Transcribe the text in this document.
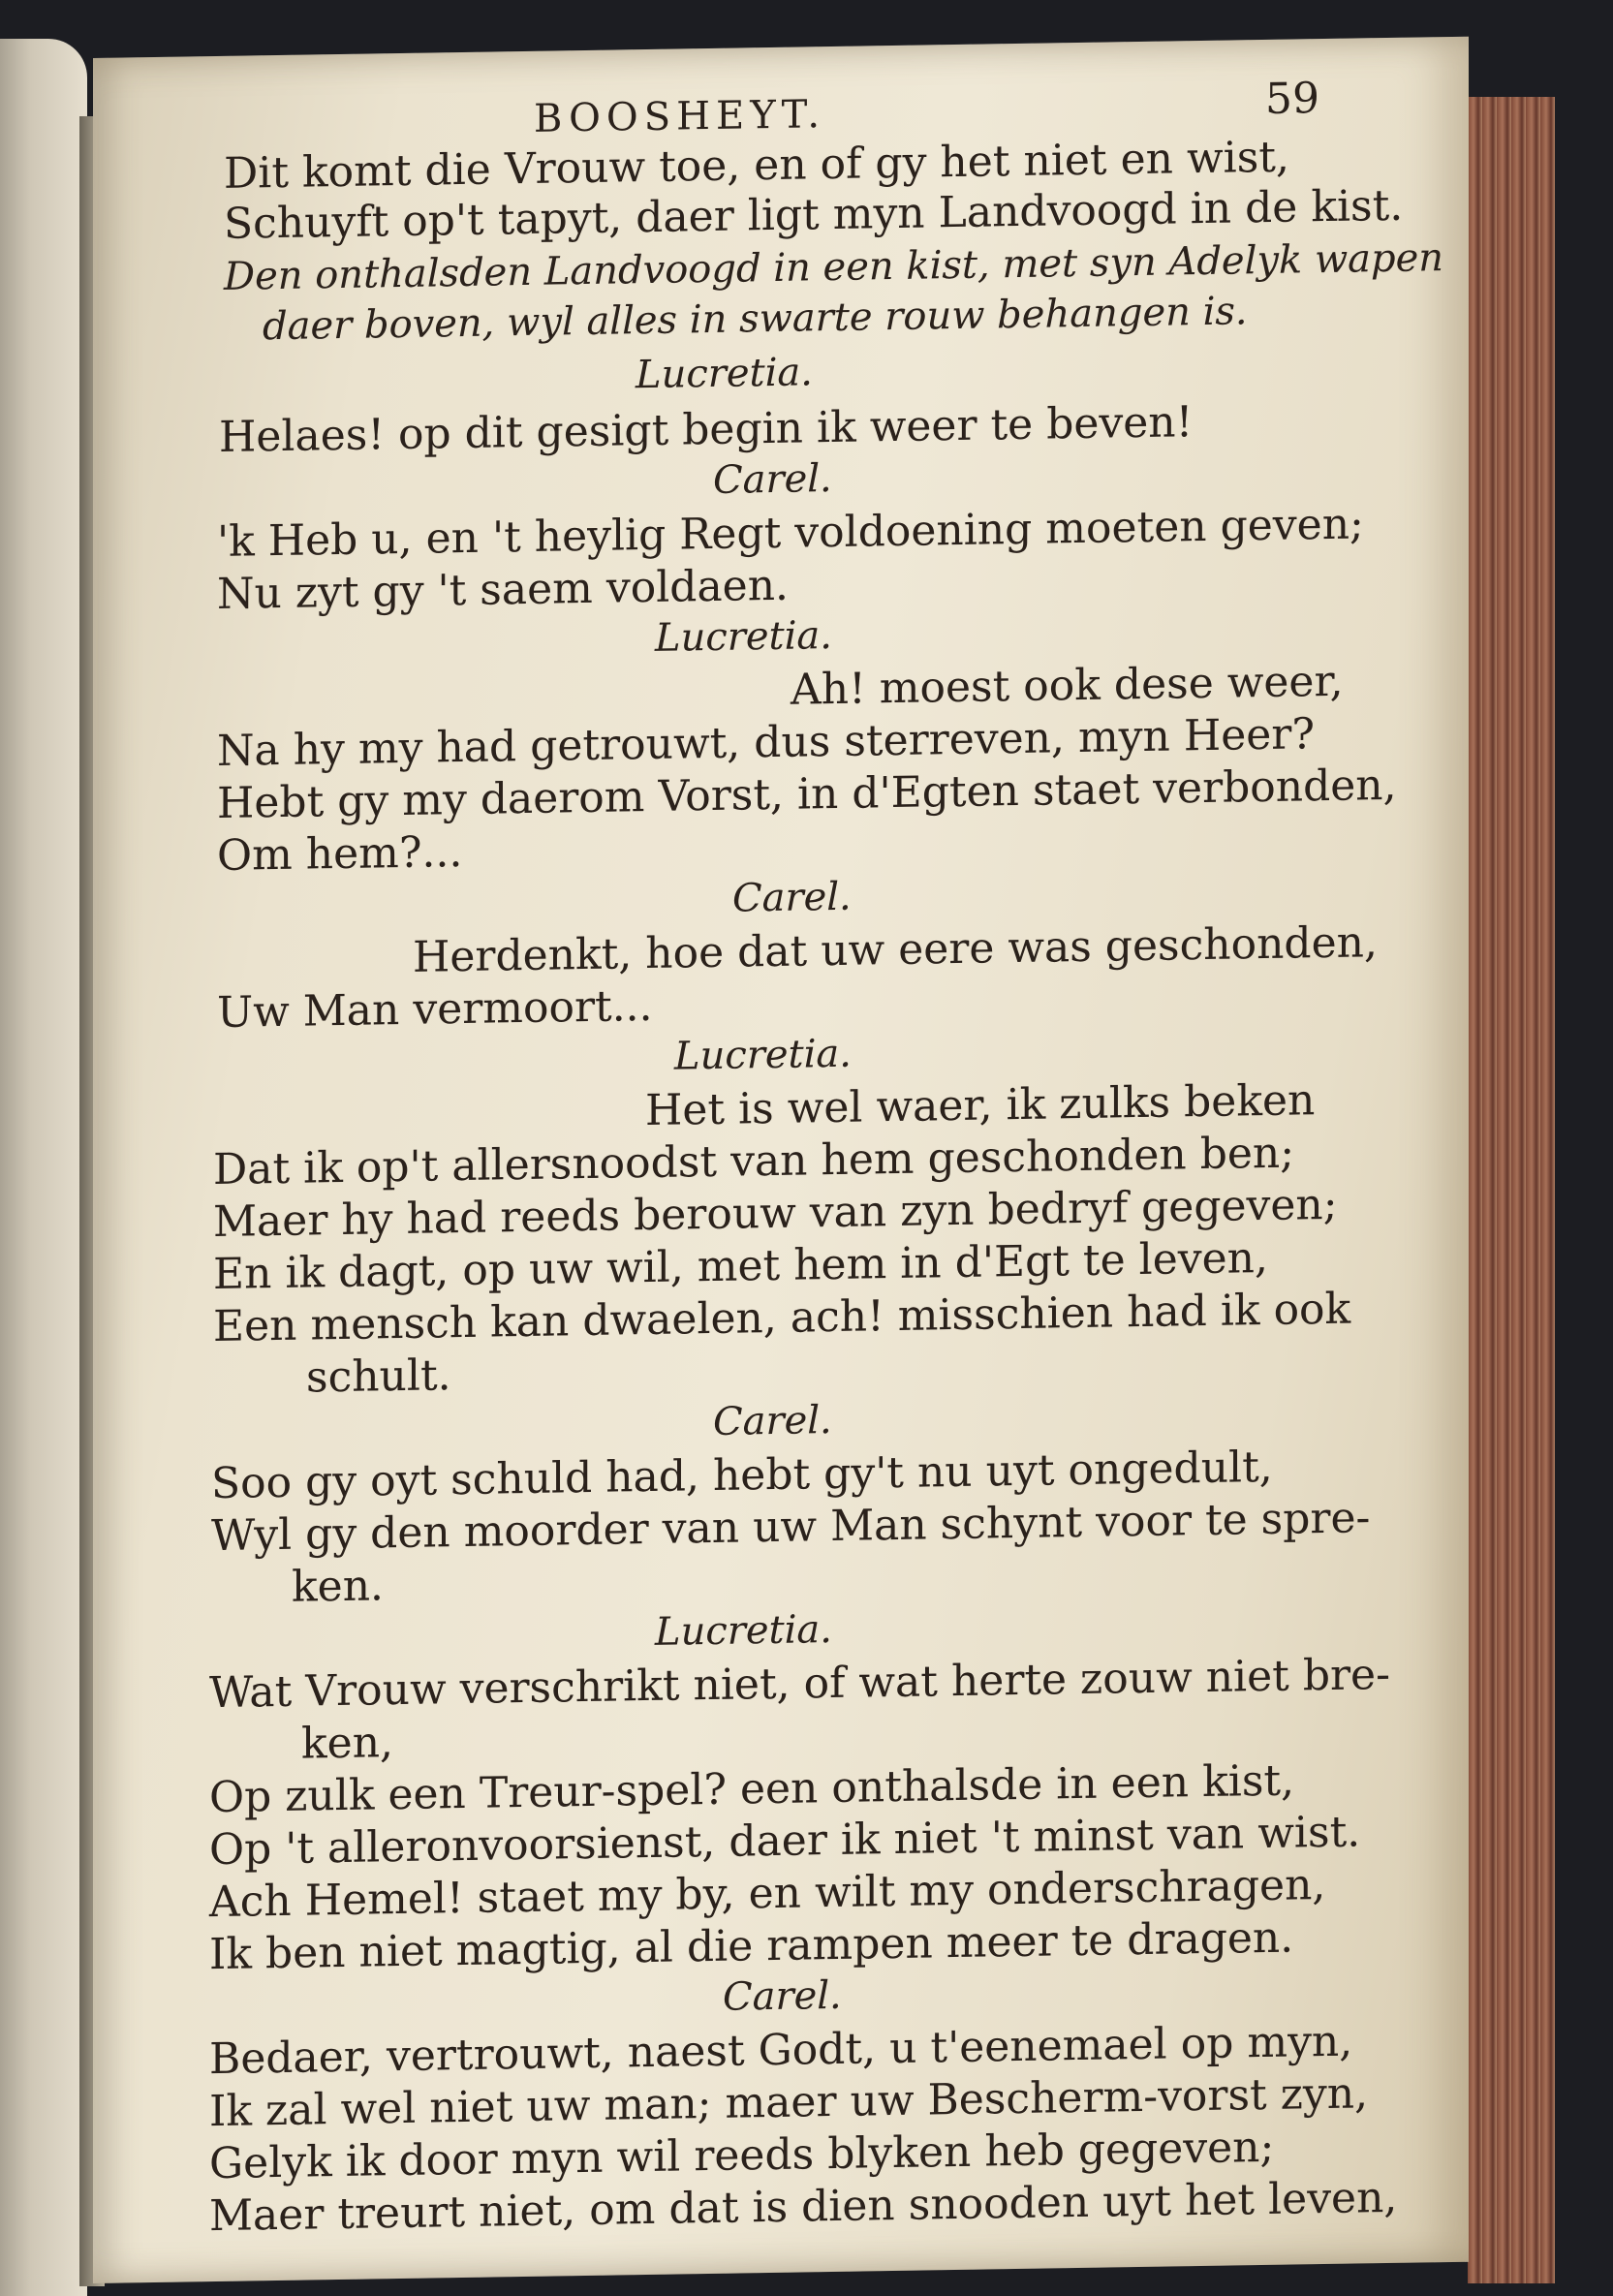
BOOSHEYT.	59
Dit komt die Vrouw toe, en of gy het niet en wist,
Schuyft op't tapyt, daer ligt myn Landvoogd in de kist.
Den onthalsden Landvoogd in een kist, met syn Adelyk wapen
daer boven, wyl alles in swarte rouw behangen is.
Lucretia.
Helaes! op dit gesigt begin ik weer te beven!
Carel.
'k Heb u, en 't heylig Regt voldoening moeten geven;
Nu zyt gy 't saem voldaen.
Lucretia.
Ah! moest ook dese weer,
Na hy my had getrouwt, dus sterreven, myn Heer?
Hebt gy my daerom Vorst, in d'Egten staet verbonden,
Om hem?...
Carel.
Herdenkt, hoe dat uw eere was geschonden,
Uw Man vermoort...
Lucretia.
Het is wel waer, ik zulks beken
Dat ik op't allersnoodst van hem geschonden ben;
Maer hy had reeds berouw van zyn bedryf gegeven;
En ik dagt, op uw wil, met hem in d'Egt te leven,
Een mensch kan dwaelen, ach! misschien had ik ook
schult.
Carel.
Soo gy oyt schuld had, hebt gy't nu uyt ongedult,
Wyl gy den moorder van uw Man schynt voor te spre-
ken.
Lucretia.
Wat Vrouw verschrikt niet, of wat herte zouw niet bre-
ken,
Op zulk een Treur-spel? een onthalsde in een kist,
Op 't alleronvoorsienst, daer ik niet 't minst van wist.
Ach Hemel! staet my by, en wilt my onderschragen,
Ik ben niet magtig, al die rampen meer te dragen.
Carel.
Bedaer, vertrouwt, naest Godt, u t'eenemael op myn,
Ik zal wel niet uw man; maer uw Bescherm-vorst zyn,
Gelyk ik door myn wil reeds blyken heb gegeven;
Maer treurt niet, om dat is dien snooden uyt het leven,
